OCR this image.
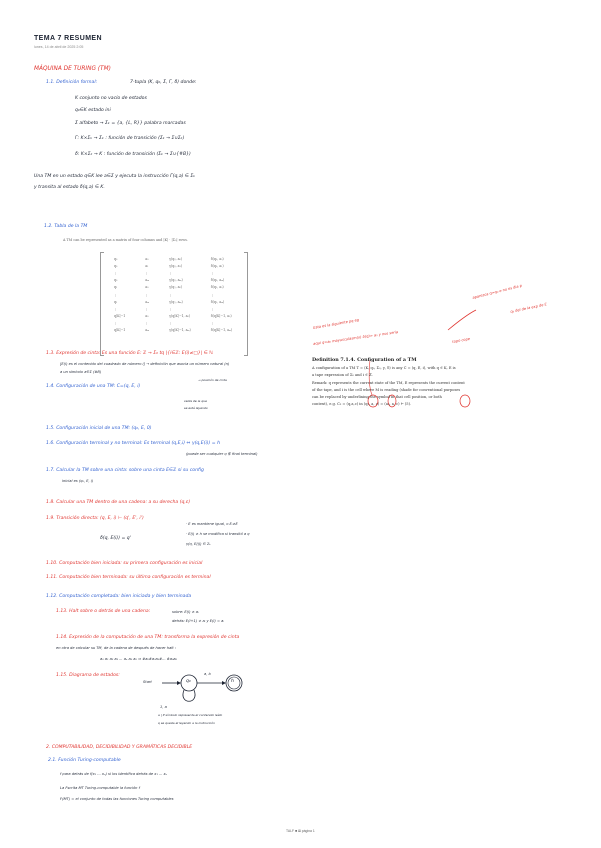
TEMA 7 RESUMEN
lunes, 14 de abril de 2025 2:05
MÁQUINA DE TURING (TM)
1.1. Definición formal:	7-tupla (K, q₀, Σ, Γ, δ) donde:
K conjunto no vacío de estados
q₀∈K estado ini
Σ alfabeto → Σₖ = {a, {L, R}} palabra marcadas
Γ: K×Σₖ → Σₖ : función de transición (Σₖ → Σ∪Σₖ)
δ: K×Σₖ → K : función de transición (Σₖ → Σ∪{#B})
Una TM en un estado q∈K lee a∈Σ y ejecuta la instrucción Γ(q,a) ∈ Σₖ
y transita al estado δ(q,a) ∈ K.
1.2. Tabla de la TM
A TM can be represented as a matrix of four columns and |K| · |Σ₀| rows.
q₀	a₀	γ(q₀, a₀)	δ(q₀, a₀)
q₀	a₁	γ(q₀, a₁)	δ(q₀, a₁)
⋮	⋮	⋮	⋮
q₀	aₘ	γ(q₀, aₘ)	δ(q₀, aₘ)
q₁	a₀	γ(q₁, a₀)	δ(q₁, a₀)
⋮	⋮	⋮	⋮
q₁	aₘ	γ(q₁, aₘ)	δ(q₁, aₘ)
⋮	⋮	⋮	⋮
q|K|−1	a₀	γ(q|K|−1, a₀)	δ(q|K|−1, a₀)
⋮	⋮	⋮	⋮
q|K|−1	aₘ	γ(q|K|−1, aₘ)	δ(q|K|−1, aₘ)
1.3. Expresión de cinta: Es una función E: ℤ → Σ₀ tq |{i∈ℤ: E(i)≠□}| ∈ ℕ
[E(i) es el contenido del cuadrado de número i] → definición que asocia un número natural (n)
a un símbolo a∈Σ (#B)
1.4. Configuración de una TM: C=(q, E, i)
→ posición de cinta
celda de la que
se está leyendo
1.5. Configuración inicial de una TM: (q₀, E, 0)
1.6. Configuración terminal y no terminal: Es terminal (q,E,i) ⇔ γ(q,E(i)) = h
(puede ser cualquier q ∉ final terminal)
1.7. Calcular la TM sobre una cinta: sobre una cinta E∈ℤ si su config
inicial es (q₀, E, i)
1.8. Calcular una TM dentro de una cadena: a su derecha (q,ε)
1.9. Transición directa: (q, E, i) ⊢ (q', E', i')
· E es mantiene igual, o Eᵢ≠E
· E(i) ≠ h se modifica si transitó a q
γ(q, E(i)) ∈ Σₖ
δ(q, E(i)) = q'
1.10. Computación bien iniciada: su primera configuración es inicial
1.11. Computación bien terminada: su última configuración es terminal
1.12. Computación completada: bien iniciada y bien terminada
1.13. Halt sobre o detrás de una cadena:	sobre: E(i) ≠ aᵢ
detrás: E(i+1) ≠ aᵢ y E(i) = aᵢ
1.14. Expresión de la computación de una TM: transforma la expresión de cinta
en otra de calcular su TM, de la cadena de después de hacer halt :
a₀ a₁ a₂ a₃ ... aₙ a₀ a₀ ⇒ #a₀#a₁a₀#... #a₀a₀
1.15. Diagrama de estados:
Start	q₀	h
a, b
1, a
a | P símbolo representa el contenido leído
q se queda el leyendo a la instrucción
2. COMPUTABILIDAD, DECIDIBILIDAD Y GRAMÁTICAS DECIDIBLE
2.1. Función Turing-computable
f para detrás de f(x₁ ... xₙ) si los identifica detrás de x₁ ... xₙ
La Fscrita MT Turing-computable la función f
F(MT) = el conjunto de todas las funciones Turing computables
Esta es la siguiente pq eg
aqui q=a₀ mayusculasm(x) δ(q)= a₁ y nos seria	topo cope
aparezca q=q₀ e no es dia p
q₀ del de la exp de E
Definition 7.1.4. Configuration of a TM
A configuration of a TM T = ⟨K, q₀, Σ₀, γ, δ⟩ is any C = (q, E, i), with q ∈ K, E is
a tape expression of Σ₀ and i ∈ ℤ.
Remark: q represents the current state of the TM, E represents the current content
of the tape, and i is the cell where M is reading (shade for conventional purposes
can be replaced by underlining the symbol in that cell position, or both
context), e.g. C₂ = (q,a,c) in (q₂, a, c) = (a₀, a, c) ⊢ (5).
TALF ■ ⊠ página 1
